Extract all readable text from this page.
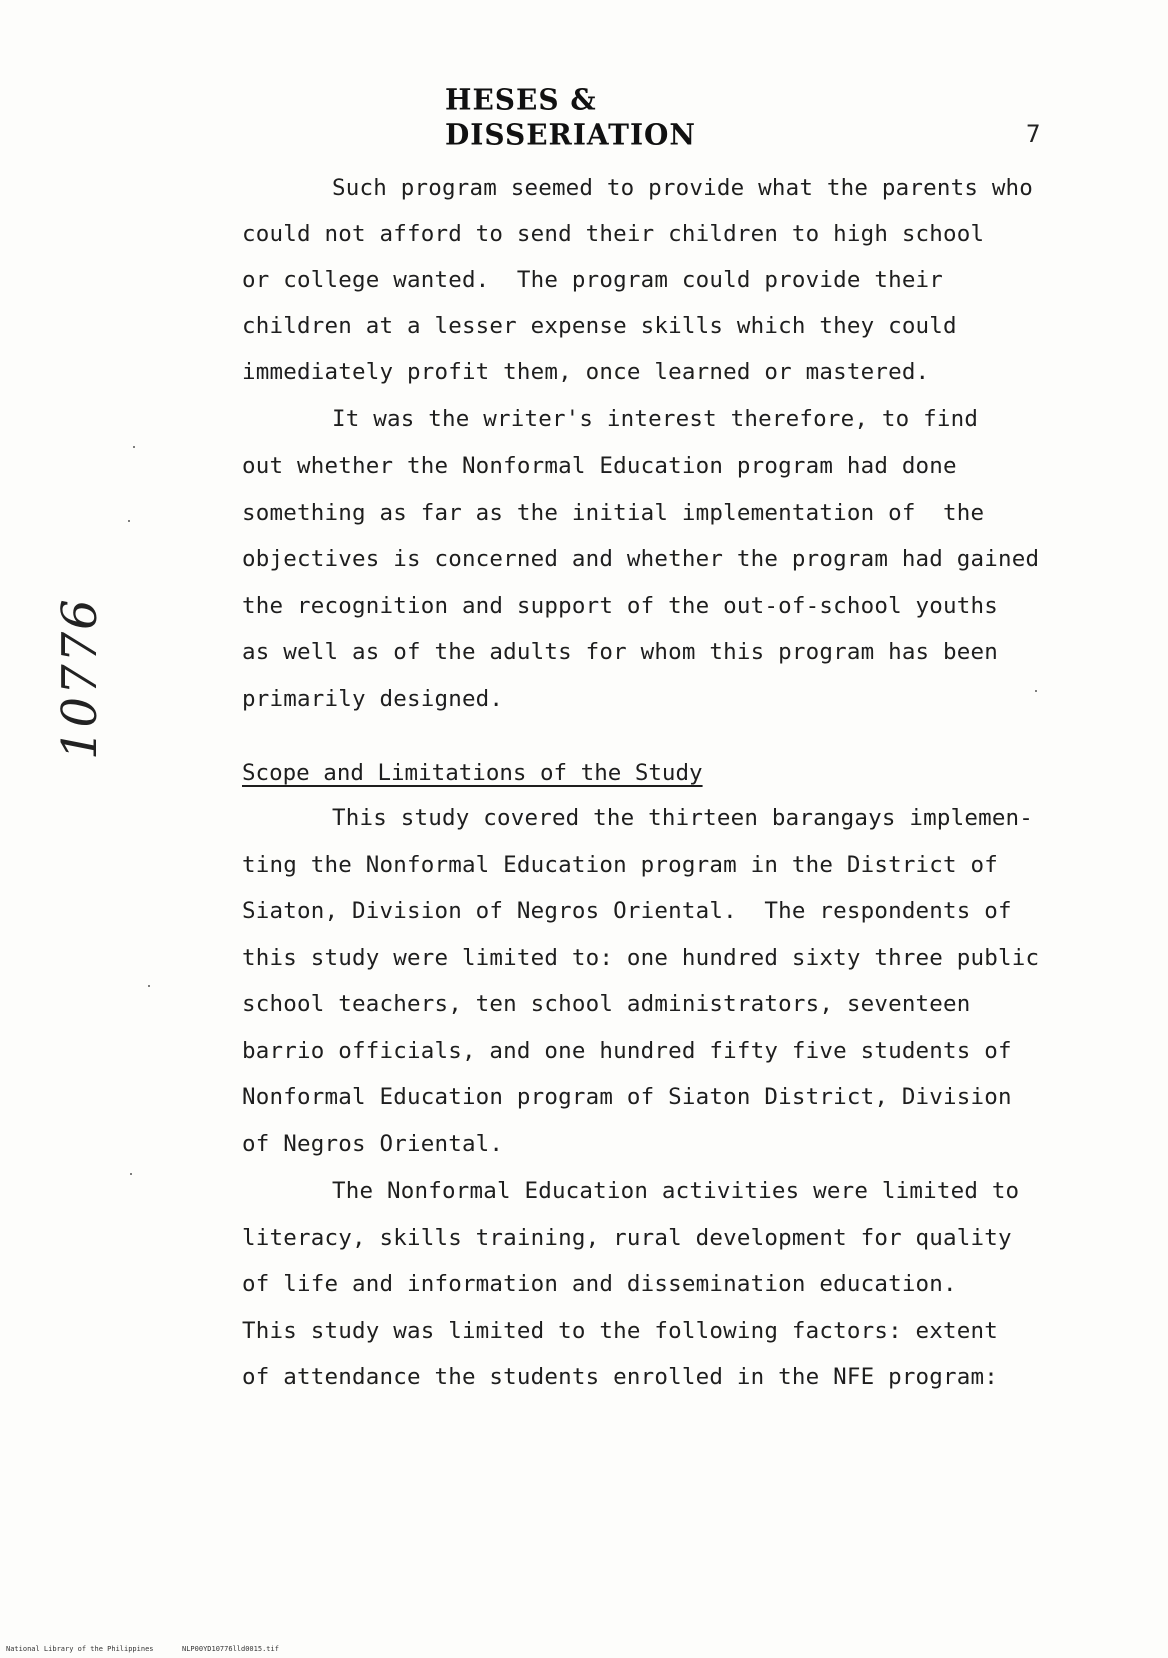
HESES & DISSERIATION	7
Such program seemed to provide what the parents who
could not afford to send their children to high school
or college wanted.  The program could provide their
children at a lesser expense skills which they could
immediately profit them, once learned or mastered.
It was the writer's interest therefore, to find
out whether the Nonformal Education program had done
something as far as the initial implementation of  the
objectives is concerned and whether the program had gained
the recognition and support of the out-of-school youths
as well as of the adults for whom this program has been
primarily designed.
Scope and Limitations of the Study
This study covered the thirteen barangays implemen-
ting the Nonformal Education program in the District of
Siaton, Division of Negros Oriental.  The respondents of
this study were limited to: one hundred sixty three public
school teachers, ten school administrators, seventeen
barrio officials, and one hundred fifty five students of
Nonformal Education program of Siaton District, Division
of Negros Oriental.
The Nonformal Education activities were limited to
literacy, skills training, rural development for quality
of life and information and dissemination education.
This study was limited to the following factors: extent
of attendance the students enrolled in the NFE program:
10776
National Library of the Philippines	NLP00YD10776lld0015.tif
